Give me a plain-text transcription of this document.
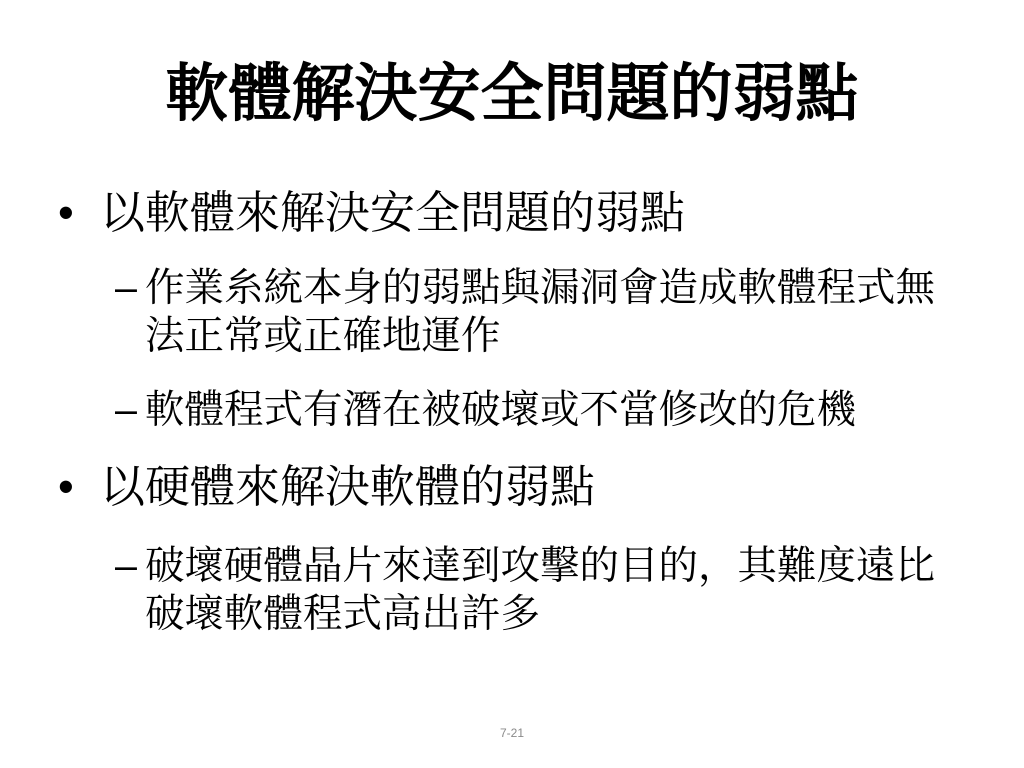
軟體解決安全問題的弱點
• 以軟體來解決安全問題的弱點
– 作業糸統本身的弱點與漏洞會造成軟體程式無法正常或正確地運作
– 軟體程式有潛在被破壞或不當修改的危機
• 以硬體來解決軟體的弱點
– 破壞硬體晶片來達到攻擊的目的，其難度遠比破壞軟體程式高出許多
7-21
